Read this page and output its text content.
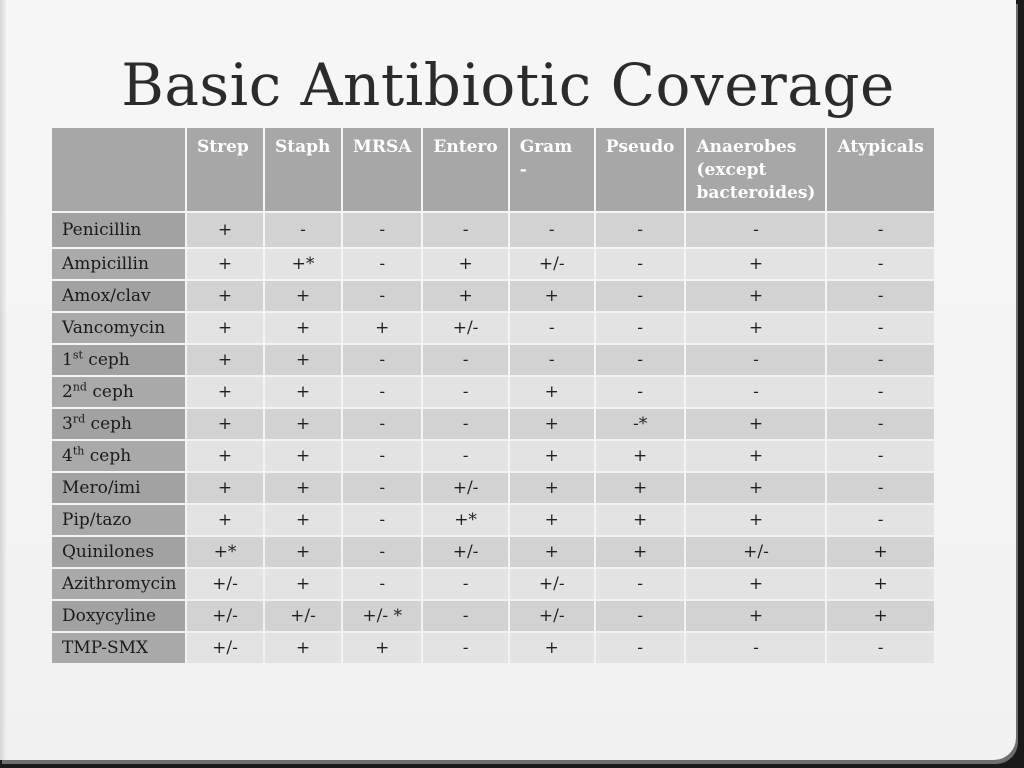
Basic Antibiotic Coverage
	Strep	Staph	MRSA	Entero	Gram -	Pseudo	Anaerobes (except bacteroides)	Atypicals
Penicillin	+	-	-	-	-	-	-	-
Ampicillin	+	+*	-	+	+/-	-	+	-
Amox/clav	+	+	-	+	+	-	+	-
Vancomycin	+	+	+	+/-	-	-	+	-
1st ceph	+	+	-	-	-	-	-	-
2nd ceph	+	+	-	-	+	-	-	-
3rd ceph	+	+	-	-	+	-*	+	-
4th ceph	+	+	-	-	+	+	+	-
Mero/imi	+	+	-	+/-	+	+	+	-
Pip/tazo	+	+	-	+*	+	+	+	-
Quinilones	+*	+	-	+/-	+	+	+/-	+
Azithromycin	+/-	+	-	-	+/-	-	+	+
Doxycyline	+/-	+/-	+/- *	-	+/-	-	+	+
TMP-SMX	+/-	+	+	-	+	-	-	-
